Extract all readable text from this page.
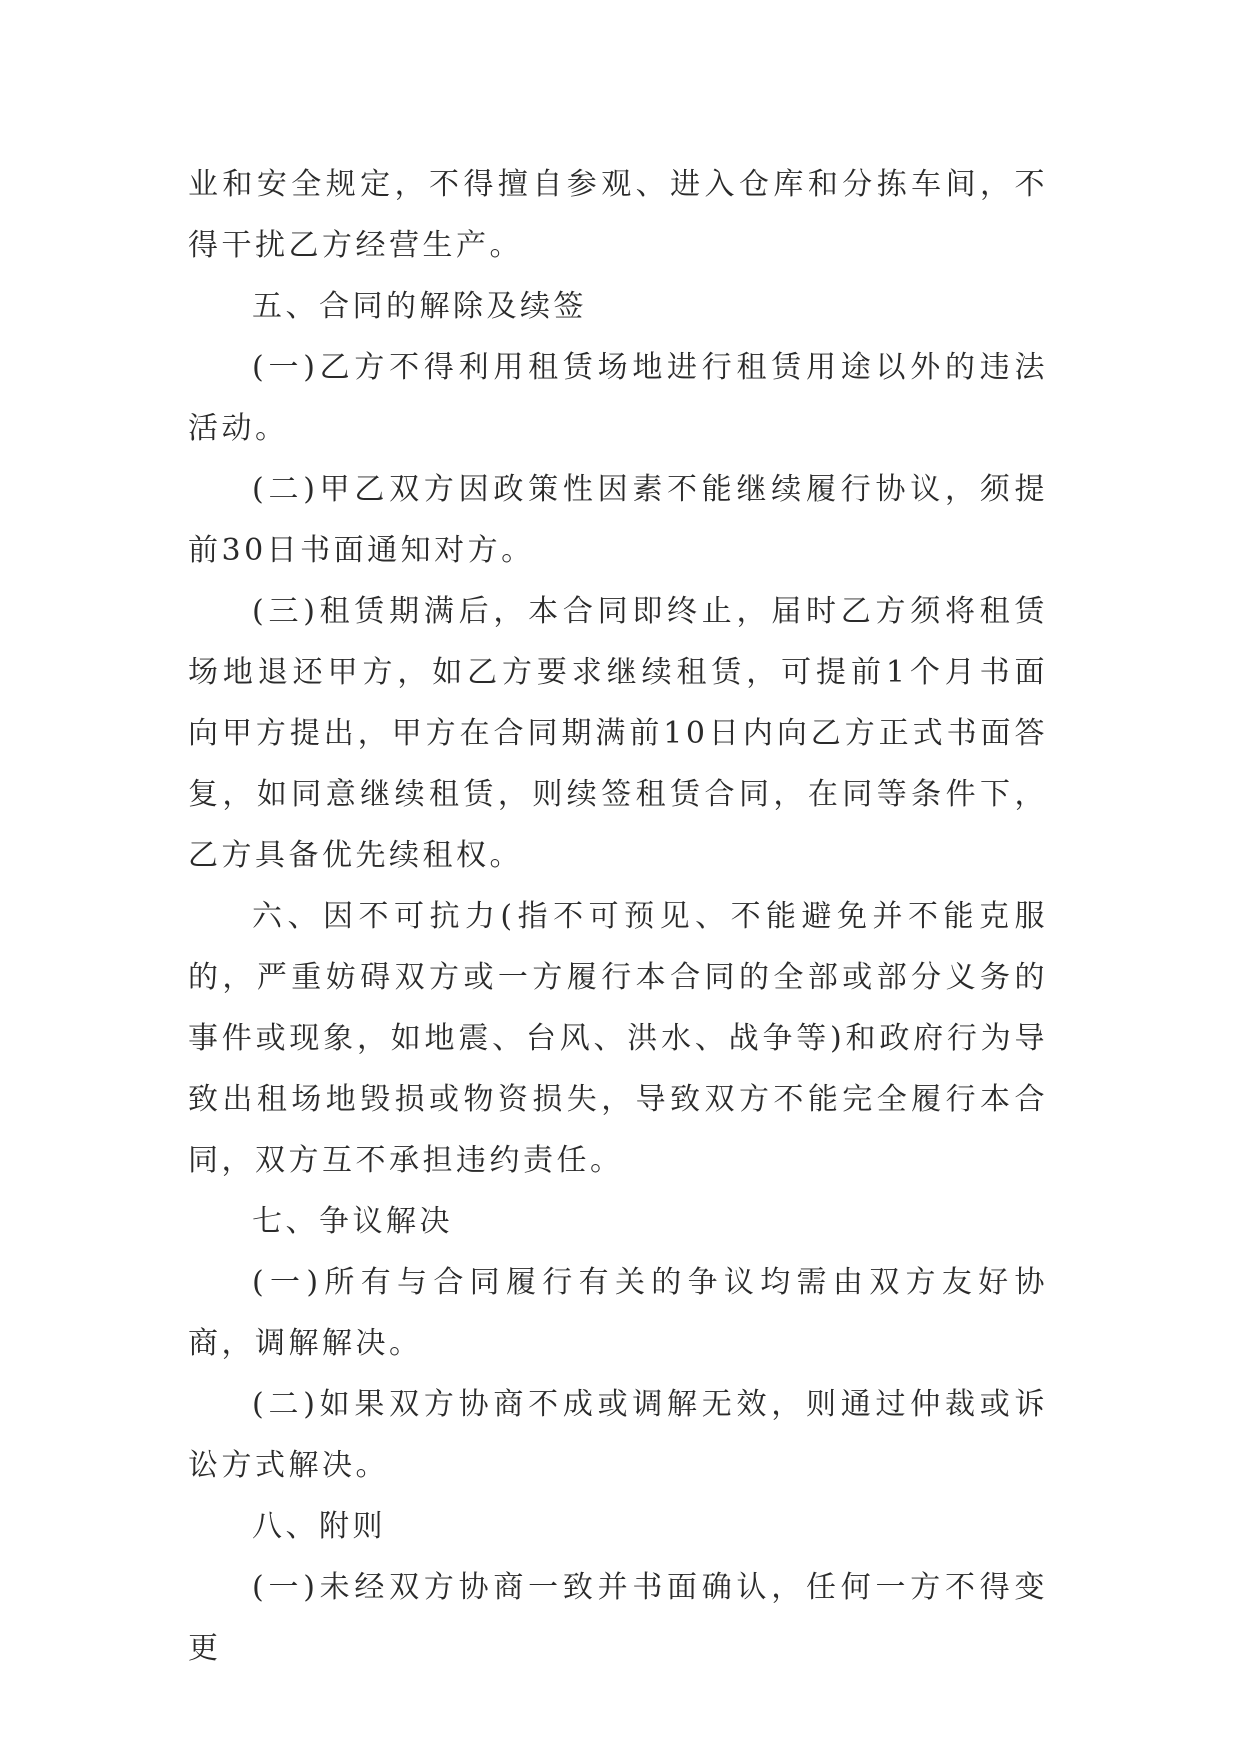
业和安全规定，不得擅自参观、进入仓库和分拣车间，不得干扰乙方经营生产。

五、合同的解除及续签

(一)乙方不得利用租赁场地进行租赁用途以外的违法活动。

(二)甲乙双方因政策性因素不能继续履行协议，须提前30日书面通知对方。

(三)租赁期满后，本合同即终止，届时乙方须将租赁场地退还甲方，如乙方要求继续租赁，可提前1个月书面向甲方提出，甲方在合同期满前10日内向乙方正式书面答复，如同意继续租赁，则续签租赁合同，在同等条件下，乙方具备优先续租权。

六、因不可抗力(指不可预见、不能避免并不能克服的，严重妨碍双方或一方履行本合同的全部或部分义务的事件或现象，如地震、台风、洪水、战争等)和政府行为导致出租场地毁损或物资损失，导致双方不能完全履行本合同，双方互不承担违约责任。

七、争议解决

(一)所有与合同履行有关的争议均需由双方友好协商，调解解决。

(二)如果双方协商不成或调解无效，则通过仲裁或诉讼方式解决。

八、附则

(一)未经双方协商一致并书面确认，任何一方不得变更
